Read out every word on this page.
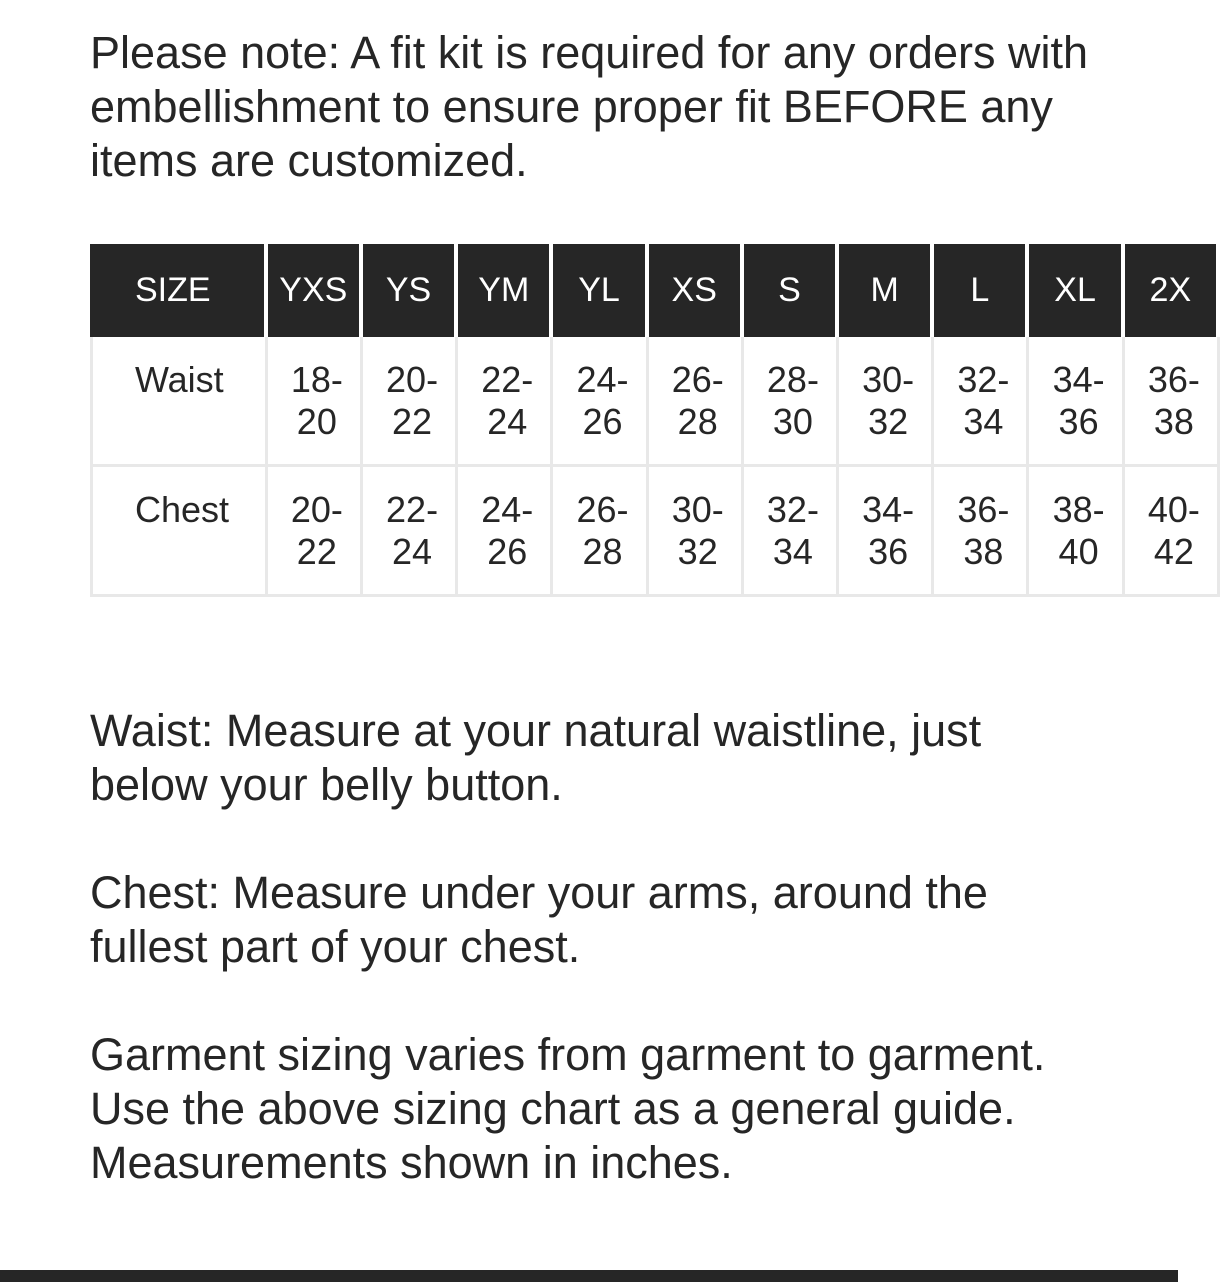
Please note: A fit kit is required for any orders with embellishment to ensure proper fit BEFORE any items are customized.

SIZE	YXS	YS	YM	YL	XS	S	M	L	XL	2X

Waist	18-20	20-22	22-24	24-26	26-28	28-30	30-32	32-34	34-36	36-38

Chest	20-22	22-24	24-26	26-28	30-32	32-34	34-36	36-38	38-40	40-42

Waist: Measure at your natural waistline, just below your belly button.

Chest: Measure under your arms, around the fullest part of your chest.

Garment sizing varies from garment to garment. Use the above sizing chart as a general guide. Measurements shown in inches.
